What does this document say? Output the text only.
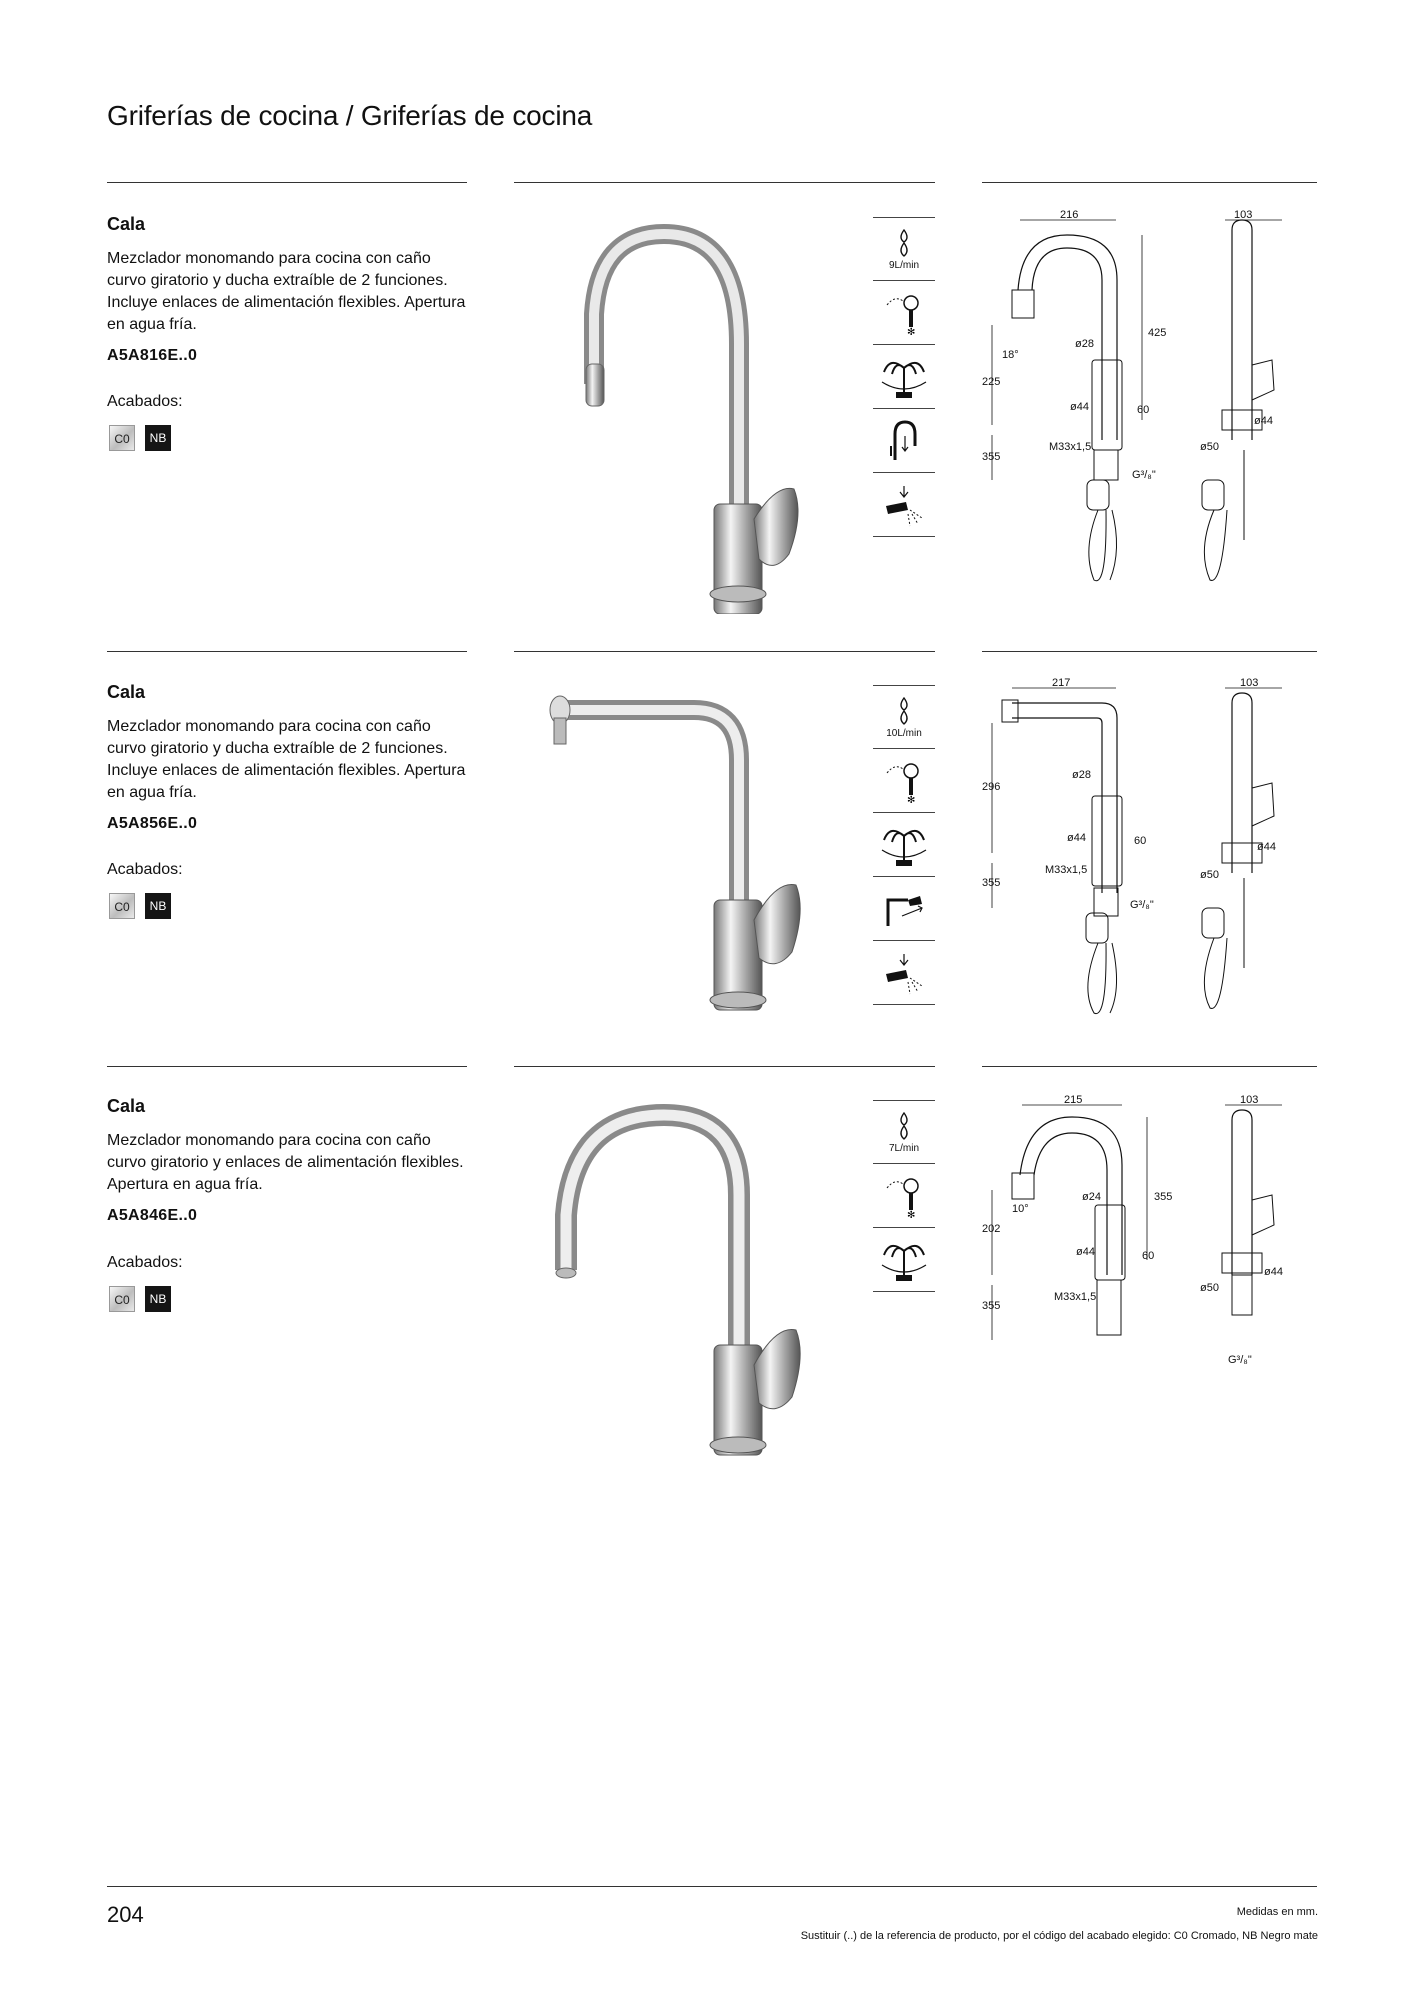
Griferías de cocina / Griferías de cocina
Cala
Mezclador monomando para cocina con caño curvo giratorio y ducha extraíble de 2 funciones. Incluye enlaces de alimentación flexibles. Apertura en agua fría.
A5A816E..0
Acabados:
C0	NB
9L/min
✻
216
ø28
18°
425
225
ø44	60
355
M33x1,5
G³/₈"
103
ø50
ø44
Cala
Mezclador monomando para cocina con caño curvo giratorio y ducha extraíble de 2 funciones. Incluye enlaces de alimentación flexibles. Apertura en agua fría.
A5A856E..0
Acabados:
C0	NB
10L/min
✻
217
ø28
296
ø44	60
355
M33x1,5
G³/₈"
103
ø50
ø44
Cala
Mezclador monomando para cocina con caño curvo giratorio y enlaces de alimentación flexibles. Apertura en agua fría.
A5A846E..0
Acabados:
C0	NB
7L/min
✻
215
ø24
10°
355
202
ø44	60
355
M33x1,5
103
ø50
ø44
G³/₈"
204	Medidas en mm.
Sustituir (..) de la referencia de producto, por el código del acabado elegido: C0 Cromado, NB Negro mate
